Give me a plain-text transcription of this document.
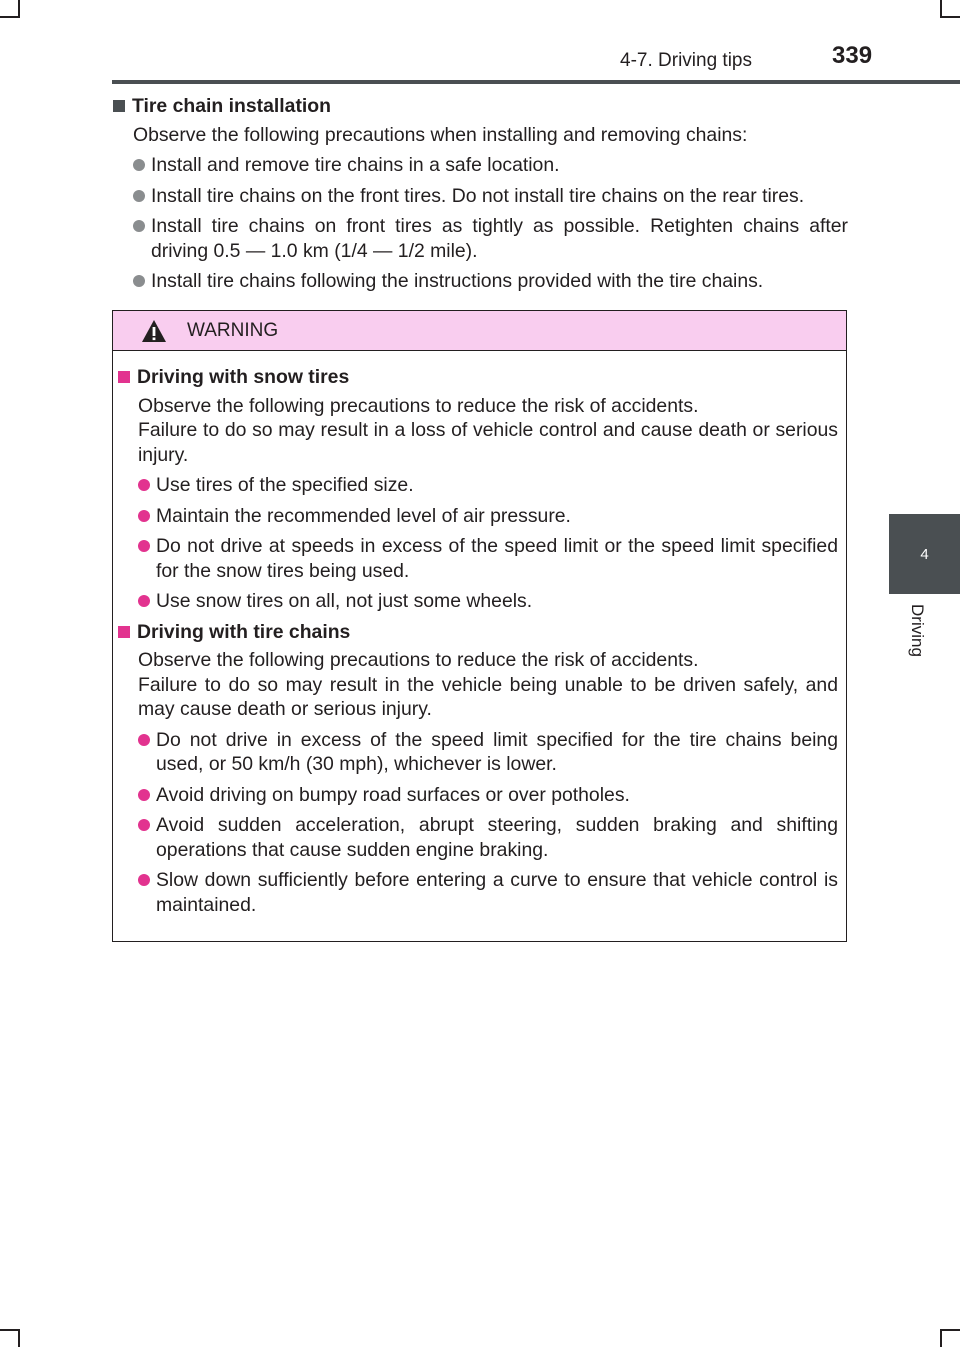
4-7. Driving tips	339
4
Driving
Tire chain installation
Observe the following precautions when installing and removing chains:
Install and remove tire chains in a safe location.
Install tire chains on the front tires. Do not install tire chains on the rear tires.
Install tire chains on front tires as tightly as possible. Retighten chains after driving 0.5 — 1.0 km (1/4 — 1/2 mile).
Install tire chains following the instructions provided with the tire chains.
WARNING
Driving with snow tires
Observe the following precautions to reduce the risk of accidents.
Failure to do so may result in a loss of vehicle control and cause death or serious injury.
Use tires of the specified size.
Maintain the recommended level of air pressure.
Do not drive at speeds in excess of the speed limit or the speed limit specified for the snow tires being used.
Use snow tires on all, not just some wheels.
Driving with tire chains
Observe the following precautions to reduce the risk of accidents.
Failure to do so may result in the vehicle being unable to be driven safely, and may cause death or serious injury.
Do not drive in excess of the speed limit specified for the tire chains being used, or 50 km/h (30 mph), whichever is lower.
Avoid driving on bumpy road surfaces or over potholes.
Avoid sudden acceleration, abrupt steering, sudden braking and shifting operations that cause sudden engine braking.
Slow down sufficiently before entering a curve to ensure that vehicle control is maintained.
